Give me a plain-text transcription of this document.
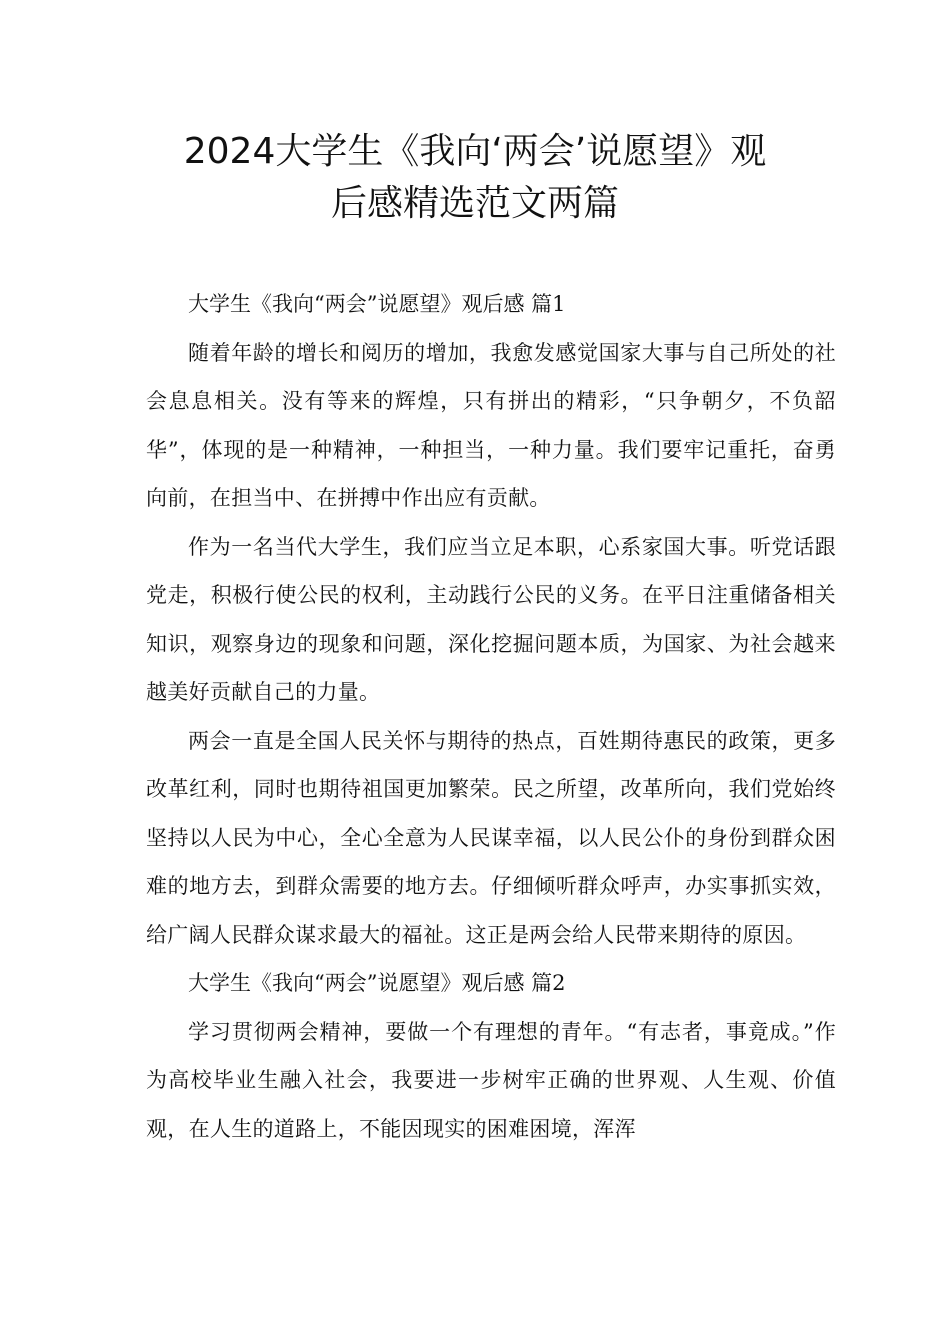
2024大学生《我向‘两会’说愿望》观
后感精选范文两篇

大学生《我向“两会”说愿望》观后感 篇1

随着年龄的增长和阅历的增加，我愈发感觉国家大事与自己所处的社会息息相关。没有等来的辉煌，只有拼出的精彩，“只争朝夕，不负韶华”，体现的是一种精神，一种担当，一种力量。我们要牢记重托，奋勇向前，在担当中、在拼搏中作出应有贡献。

作为一名当代大学生，我们应当立足本职，心系家国大事。听党话跟党走，积极行使公民的权利，主动践行公民的义务。在平日注重储备相关知识，观察身边的现象和问题，深化挖掘问题本质，为国家、为社会越来越美好贡献自己的力量。

两会一直是全国人民关怀与期待的热点，百姓期待惠民的政策，更多改革红利，同时也期待祖国更加繁荣。民之所望，改革所向，我们党始终坚持以人民为中心，全心全意为人民谋幸福，以人民公仆的身份到群众困难的地方去，到群众需要的地方去。仔细倾听群众呼声，办实事抓实效，给广阔人民群众谋求最大的福祉。这正是两会给人民带来期待的原因。

大学生《我向“两会”说愿望》观后感 篇2

学习贯彻两会精神，要做一个有理想的青年。“有志者，事竟成。”作为高校毕业生融入社会，我要进一步树牢正确的世界观、人生观、价值观，在人生的道路上，不能因现实的困难困境，浑浑
